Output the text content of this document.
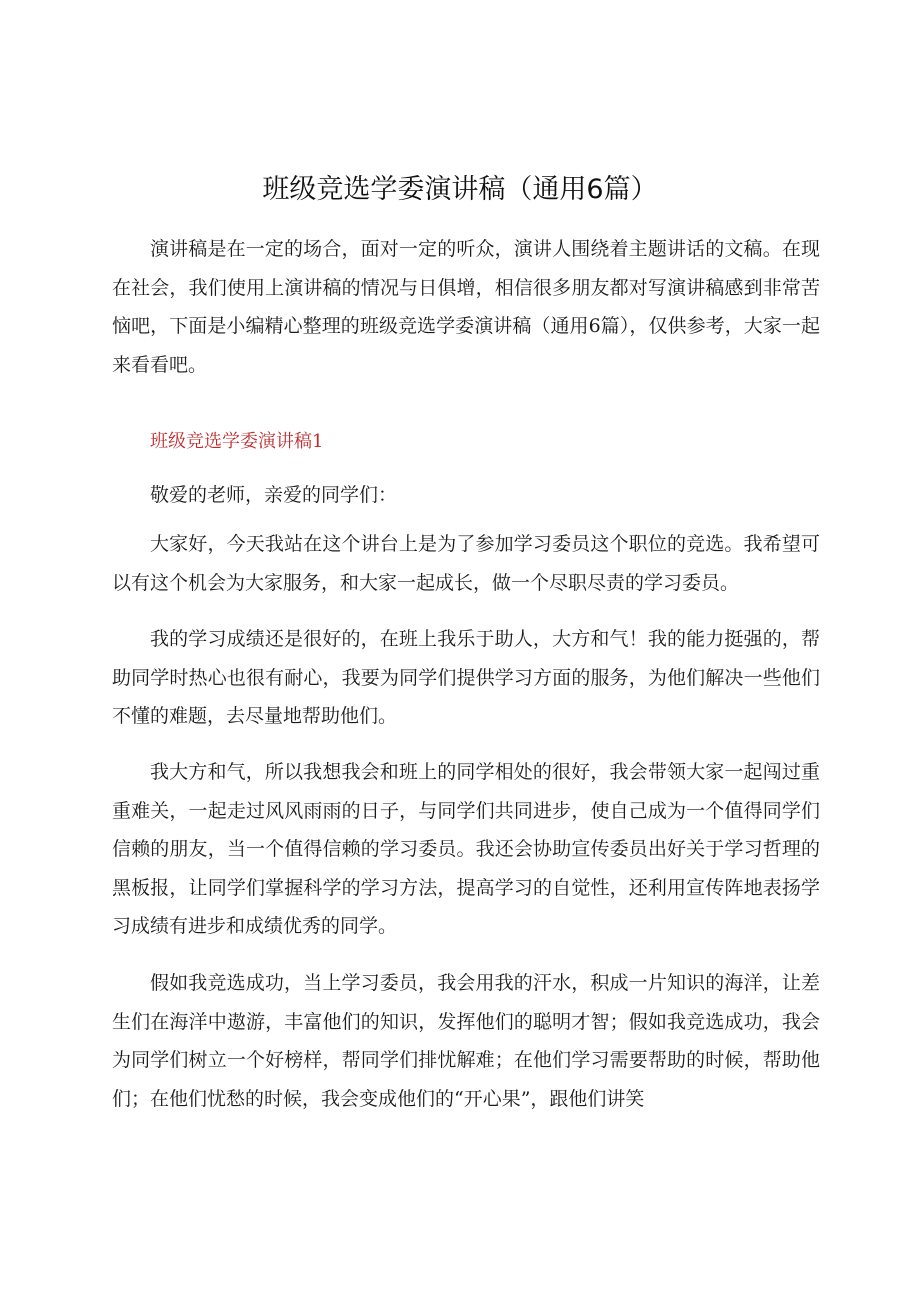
班级竞选学委演讲稿（通用6篇）

演讲稿是在一定的场合，面对一定的听众，演讲人围绕着主题讲话的文稿。在现在社会，我们使用上演讲稿的情况与日俱增，相信很多朋友都对写演讲稿感到非常苦恼吧，下面是小编精心整理的班级竞选学委演讲稿（通用6篇），仅供参考，大家一起来看看吧。

班级竞选学委演讲稿1

敬爱的老师，亲爱的同学们：

大家好，今天我站在这个讲台上是为了参加学习委员这个职位的竞选。我希望可以有这个机会为大家服务，和大家一起成长，做一个尽职尽责的学习委员。

我的学习成绩还是很好的，在班上我乐于助人，大方和气！我的能力挺强的，帮助同学时热心也很有耐心，我要为同学们提供学习方面的服务，为他们解决一些他们不懂的难题，去尽量地帮助他们。

我大方和气，所以我想我会和班上的同学相处的很好，我会带领大家一起闯过重重难关，一起走过风风雨雨的日子，与同学们共同进步，使自己成为一个值得同学们信赖的朋友，当一个值得信赖的学习委员。我还会协助宣传委员出好关于学习哲理的黑板报，让同学们掌握科学的学习方法，提高学习的自觉性，还利用宣传阵地表扬学习成绩有进步和成绩优秀的同学。

假如我竞选成功，当上学习委员，我会用我的汗水，积成一片知识的海洋，让差生们在海洋中遨游，丰富他们的知识，发挥他们的聪明才智；假如我竞选成功，我会为同学们树立一个好榜样，帮同学们排忧解难；在他们学习需要帮助的时候，帮助他们；在他们忧愁的时候，我会变成他们的“开心果”，跟他们讲笑
